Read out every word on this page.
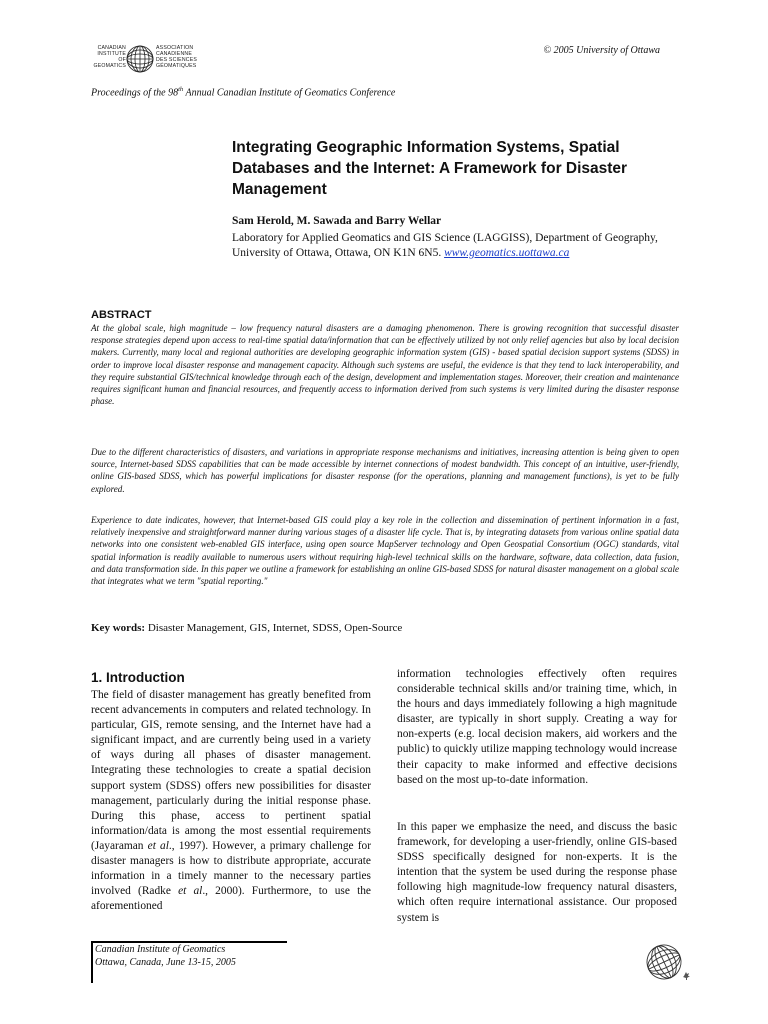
CANADIAN
INSTITUTE
OF
GEOMATICS
ASSOCIATION
CANADIENNE
DES SCIENCES
GÉOMATIQUES
© 2005 University of Ottawa
Proceedings of the 98th Annual Canadian Institute of Geomatics Conference
Integrating Geographic Information Systems, Spatial Databases and the Internet: A Framework for Disaster Management
Sam Herold, M. Sawada and Barry Wellar
Laboratory for Applied Geomatics and GIS Science (LAGGISS), Department of Geography, University of Ottawa, Ottawa, ON K1N 6N5. www.geomatics.uottawa.ca
ABSTRACT
At the global scale, high magnitude – low frequency natural disasters are a damaging phenomenon. There is growing recognition that successful disaster response strategies depend upon access to real-time spatial data/information that can be effectively utilized by not only relief agencies but also by local decision makers. Currently, many local and regional authorities are developing geographic information system (GIS) - based spatial decision support systems (SDSS) in order to improve local disaster response and management capacity. Although such systems are useful, the evidence is that they tend to lack interoperability, and they require substantial GIS/technical knowledge through each of the design, development and implementation stages. Moreover, their creation and maintenance requires significant human and financial resources, and frequently access to information derived from such systems is very limited during the disaster response phase.
Due to the different characteristics of disasters, and variations in appropriate response mechanisms and initiatives, increasing attention is being given to open source, Internet-based SDSS capabilities that can be made accessible by internet connections of modest bandwidth. This concept of an intuitive, user-friendly, online GIS-based SDSS, which has powerful implications for disaster response (for the operations, planning and management functions), is yet to be fully explored.
Experience to date indicates, however, that Internet-based GIS could play a key role in the collection and dissemination of pertinent information in a fast, relatively inexpensive and straightforward manner during various stages of a disaster life cycle. That is, by integrating datasets from various online spatial data networks into one consistent web-enabled GIS interface, using open source MapServer technology and Open Geospatial Consortium (OGC) standards, vital spatial information is readily available to numerous users without requiring high-level technical skills on the hardware, software, data collection, data fusion, and data transformation side. In this paper we outline a framework for establishing an online GIS-based SDSS for natural disaster management on a global scale that integrates what we term "spatial reporting."
Key words: Disaster Management, GIS, Internet, SDSS, Open-Source
1. Introduction
The field of disaster management has greatly benefited from recent advancements in computers and related technology. In particular, GIS, remote sensing, and the Internet have had a significant impact, and are currently being used in a variety of ways during all phases of disaster management. Integrating these technologies to create a spatial decision support system (SDSS) offers new possibilities for disaster management, particularly during the initial response phase. During this phase, access to pertinent spatial information/data is among the most essential requirements (Jayaraman et al., 1997). However, a primary challenge for disaster managers is how to distribute appropriate, accurate information in a timely manner to the necessary parties involved (Radke et al., 2000). Furthermore, to use the aforementioned
information technologies effectively often requires considerable technical skills and/or training time, which, in the hours and days immediately following a high magnitude disaster, are typically in short supply. Creating a way for non-experts (e.g. local decision makers, aid workers and the public) to quickly utilize mapping technology would increase their capacity to make informed and effective decisions based on the most up-to-date information.
In this paper we emphasize the need, and discuss the basic framework, for developing a user-friendly, online GIS-based SDSS specifically designed for non-experts. It is the intention that the system be used during the response phase following high magnitude-low frequency natural disasters, which often require international assistance. Our proposed system is
Canadian Institute of Geomatics
Ottawa, Canada, June 13-15, 2005
